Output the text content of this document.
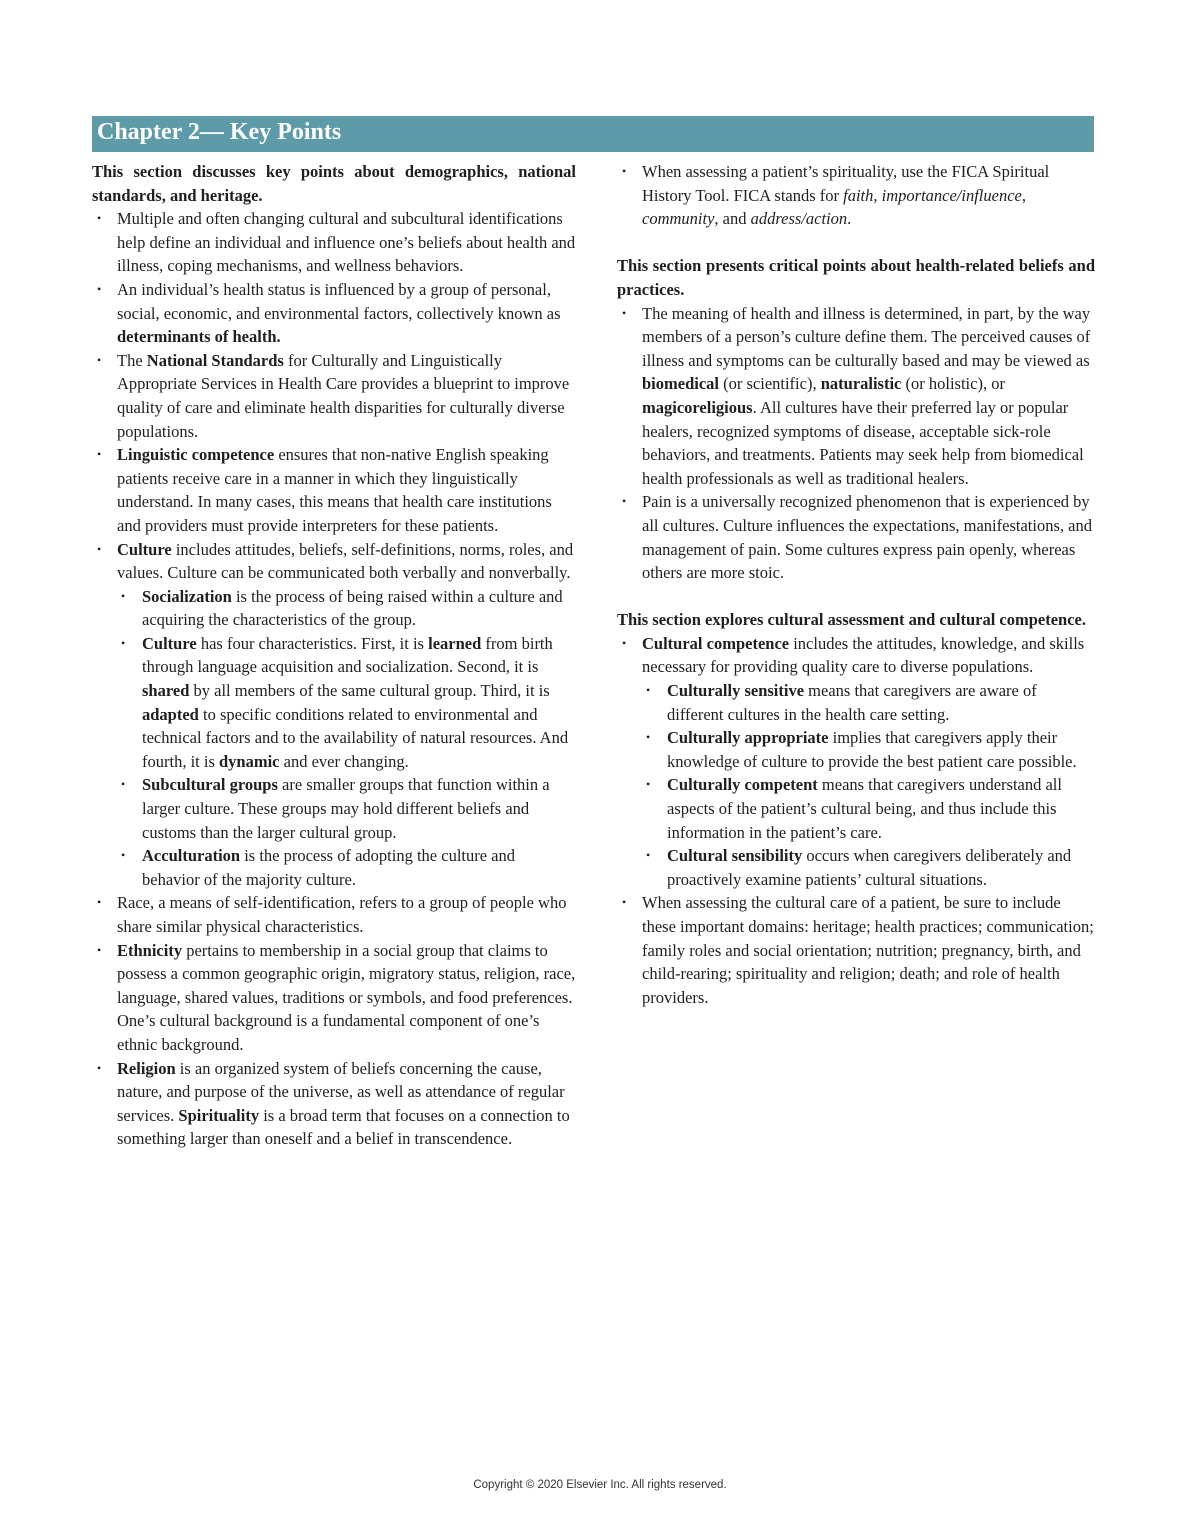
Chapter 2— Key Points

This section discusses key points about demographics, national standards, and heritage.

• Multiple and often changing cultural and subcultural identifications help define an individual and influence one’s beliefs about health and illness, coping mechanisms, and wellness behaviors.
• An individual’s health status is influenced by a group of personal, social, economic, and environmental factors, collectively known as determinants of health.
• The National Standards for Culturally and Linguistically Appropriate Services in Health Care provides a blueprint to improve quality of care and eliminate health disparities for culturally diverse populations.
• Linguistic competence ensures that non-native English speaking patients receive care in a manner in which they linguistically understand. In many cases, this means that health care institutions and providers must provide interpreters for these patients.
• Culture includes attitudes, beliefs, self-definitions, norms, roles, and values. Culture can be communicated both verbally and nonverbally.
• Socialization is the process of being raised within a culture and acquiring the characteristics of the group.
• Culture has four characteristics. First, it is learned from birth through language acquisition and socialization. Second, it is shared by all members of the same cultural group. Third, it is adapted to specific conditions related to environmental and technical factors and to the availability of natural resources. And fourth, it is dynamic and ever changing.
• Subcultural groups are smaller groups that function within a larger culture. These groups may hold different beliefs and customs than the larger cultural group.
• Acculturation is the process of adopting the culture and behavior of the majority culture.
• Race, a means of self-identification, refers to a group of people who share similar physical characteristics.
• Ethnicity pertains to membership in a social group that claims to possess a common geographic origin, migratory status, religion, race, language, shared values, traditions or symbols, and food preferences. One’s cultural background is a fundamental component of one’s ethnic background.
• Religion is an organized system of beliefs concerning the cause, nature, and purpose of the universe, as well as attendance of regular services. Spirituality is a broad term that focuses on a connection to something larger than oneself and a belief in transcendence.
• When assessing a patient’s spirituality, use the FICA Spiritual History Tool. FICA stands for faith, importance/influence, community, and address/action.

This section presents critical points about health-related beliefs and practices.

• The meaning of health and illness is determined, in part, by the way members of a person’s culture define them. The perceived causes of illness and symptoms can be culturally based and may be viewed as biomedical (or scientific), naturalistic (or holistic), or magicoreligious. All cultures have their preferred lay or popular healers, recognized symptoms of disease, acceptable sick-role behaviors, and treatments. Patients may seek help from biomedical health professionals as well as traditional healers.
• Pain is a universally recognized phenomenon that is experienced by all cultures. Culture influences the expectations, manifestations, and management of pain. Some cultures express pain openly, whereas others are more stoic.

This section explores cultural assessment and cultural competence.

• Cultural competence includes the attitudes, knowledge, and skills necessary for providing quality care to diverse populations.
• Culturally sensitive means that caregivers are aware of different cultures in the health care setting.
• Culturally appropriate implies that caregivers apply their knowledge of culture to provide the best patient care possible.
• Culturally competent means that caregivers understand all aspects of the patient’s cultural being, and thus include this information in the patient’s care.
• Cultural sensibility occurs when caregivers deliberately and proactively examine patients’ cultural situations.
• When assessing the cultural care of a patient, be sure to include these important domains: heritage; health practices; communication; family roles and social orientation; nutrition; pregnancy, birth, and child-rearing; spirituality and religion; death; and role of health providers.
Copyright © 2020 Elsevier Inc. All rights reserved.
